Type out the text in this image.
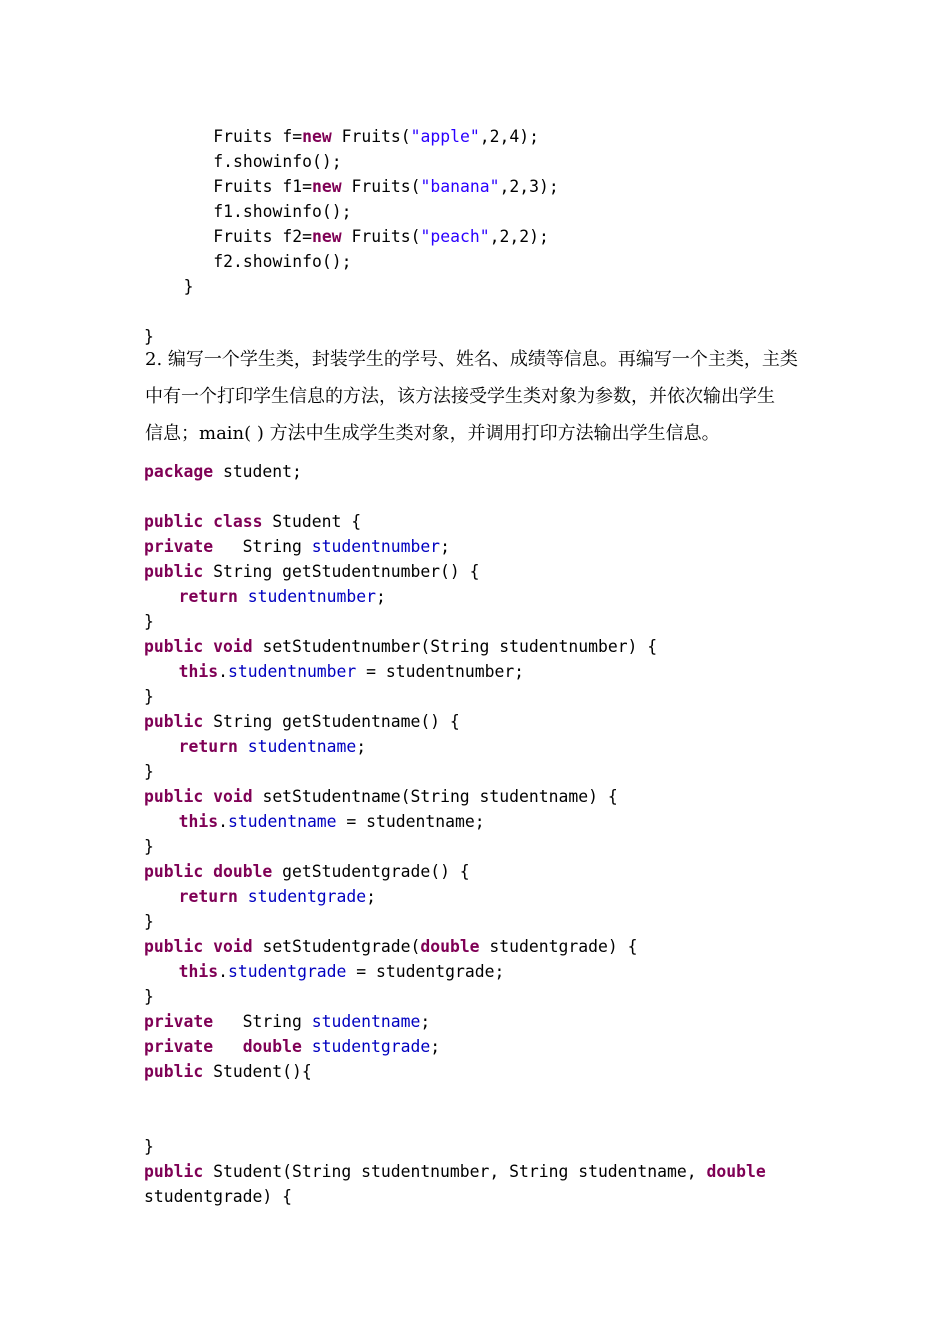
Fruits f=new Fruits("apple",2,4);
f.showinfo();
Fruits f1=new Fruits("banana",2,3);
f1.showinfo();
Fruits f2=new Fruits("peach",2,2);
f2.showinfo();
}
}
2. 编写一个学生类，封装学生的学号、姓名、成绩等信息。再编写一个主类，主类
中有一个打印学生信息的方法，该方法接受学生类对象为参数，并依次输出学生
信息；main( ) 方法中生成学生类对象，并调用打印方法输出学生信息。
package student;
public class Student {
private   String studentnumber;
public String getStudentnumber() {
return studentnumber;
}
public void setStudentnumber(String studentnumber) {
this.studentnumber = studentnumber;
}
public String getStudentname() {
return studentname;
}
public void setStudentname(String studentname) {
this.studentname = studentname;
}
public double getStudentgrade() {
return studentgrade;
}
public void setStudentgrade(double studentgrade) {
this.studentgrade = studentgrade;
}
private   String studentname;
private double studentgrade;
public Student(){
}
public Student(String studentnumber, String studentname, double
studentgrade) {
